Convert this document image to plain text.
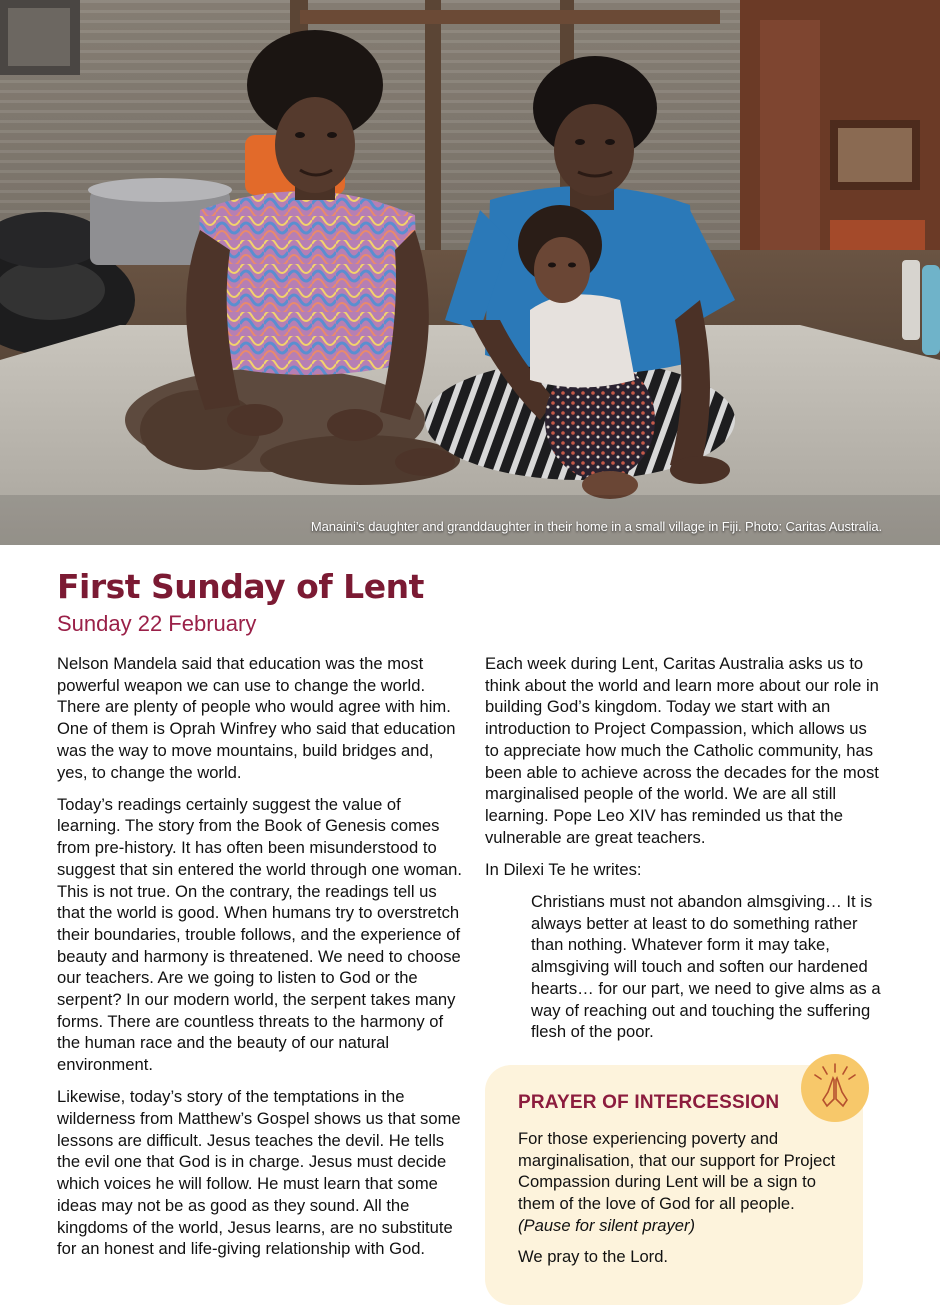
Manaini’s daughter and granddaughter in their home in a small village in Fiji. Photo: Caritas Australia.
First Sunday of Lent
Sunday 22 February

Nelson Mandela said that education was the most powerful weapon we can use to change the world. There are plenty of people who would agree with him. One of them is Oprah Winfrey who said that education was the way to move mountains, build bridges and, yes, to change the world.

Today’s readings certainly suggest the value of learning. The story from the Book of Genesis comes from pre-history. It has often been misunderstood to suggest that sin entered the world through one woman. This is not true. On the contrary, the readings tell us that the world is good. When humans try to overstretch their boundaries, trouble follows, and the experience of beauty and harmony is threatened. We need to choose our teachers. Are we going to listen to God or the serpent? In our modern world, the serpent takes many forms. There are countless threats to the harmony of the human race and the beauty of our natural environment.

Likewise, today’s story of the temptations in the wilderness from Matthew’s Gospel shows us that some lessons are difficult. Jesus teaches the devil. He tells the evil one that God is in charge. Jesus must decide which voices he will follow. He must learn that some ideas may not be as good as they sound. All the kingdoms of the world, Jesus learns, are no substitute for an honest and life-giving relationship with God.

Each week during Lent, Caritas Australia asks us to think about the world and learn more about our role in building God’s kingdom. Today we start with an introduction to Project Compassion, which allows us to appreciate how much the Catholic community, has been able to achieve across the decades for the most marginalised people of the world. We are all still learning. Pope Leo XIV has reminded us that the vulnerable are great teachers.

In Dilexi Te he writes:

Christians must not abandon almsgiving… It is always better at least to do something rather than nothing. Whatever form it may take, almsgiving will touch and soften our hardened hearts… for our part, we need to give alms as a way of reaching out and touching the suffering flesh of the poor.

PRAYER OF INTERCESSION

For those experiencing poverty and marginalisation, that our support for Project Compassion during Lent will be a sign to them of the love of God for all people. (Pause for silent prayer)

We pray to the Lord.
